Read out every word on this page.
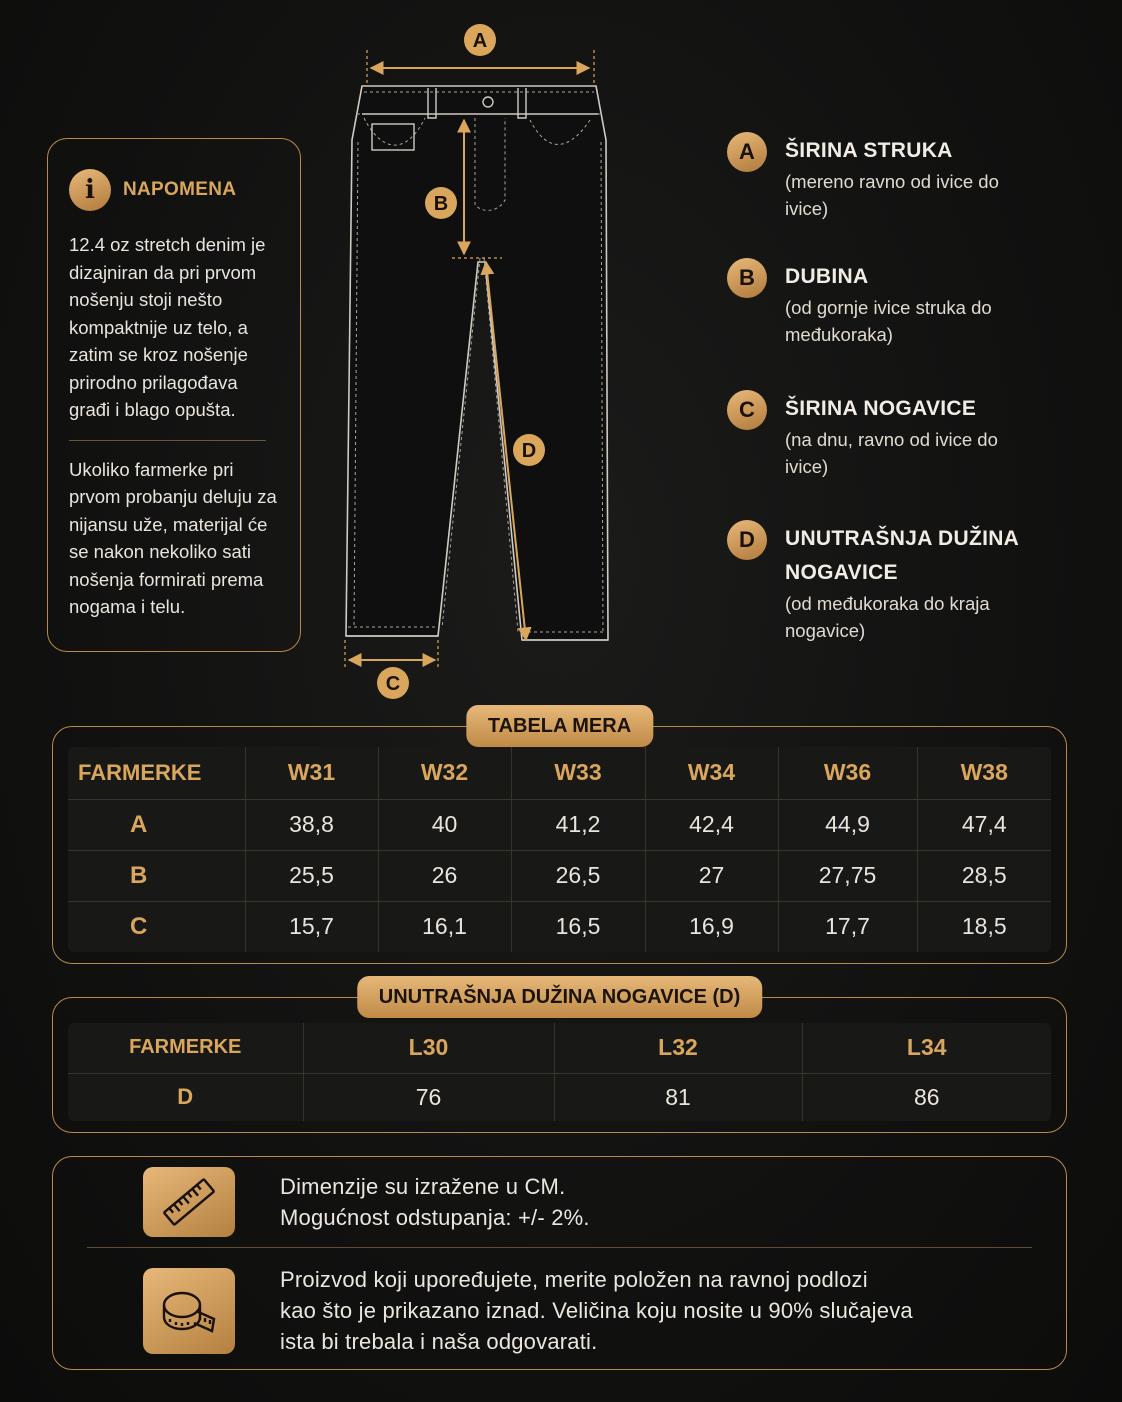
i	NAPOMENA

12.4 oz stretch denim je dizajniran da pri prvom nošenju stoji nešto kompaktnije uz telo, a zatim se kroz nošenje prirodno prilagođava građi i blago opušta.

Ukoliko farmerke pri prvom probanju deluju za nijansu uže, materijal će se nakon nekoliko sati nošenja formirati prema nogama i telu.

A
B
C
D
A	ŠIRINA STRUKA
(mereno ravno od ivice do ivice)
B	DUBINA
(od gornje ivice struka do međukoraka)
C	ŠIRINA NOGAVICE
(na dnu, ravno od ivice do ivice)
D	UNUTRAŠNJA DUŽINA NOGAVICE
(od međukoraka do kraja nogavice)
TABELA MERA
FARMERKE	W31	W32	W33	W34	W36	W38
A	38,8	40	41,2	42,4	44,9	47,4
B	25,5	26	26,5	27	27,75	28,5
C	15,7	16,1	16,5	16,9	17,7	18,5
UNUTRAŠNJA DUŽINA NOGAVICE (D)
FARMERKE	L30	L32	L34
D	76	81	86
Dimenzije su izražene u CM.
Mogućnost odstupanja: +/- 2%.
Proizvod koji upoređujete, merite položen na ravnoj podlozi
kao što je prikazano iznad. Veličina koju nosite u 90% slučajeva
ista bi trebala i naša odgovarati.
